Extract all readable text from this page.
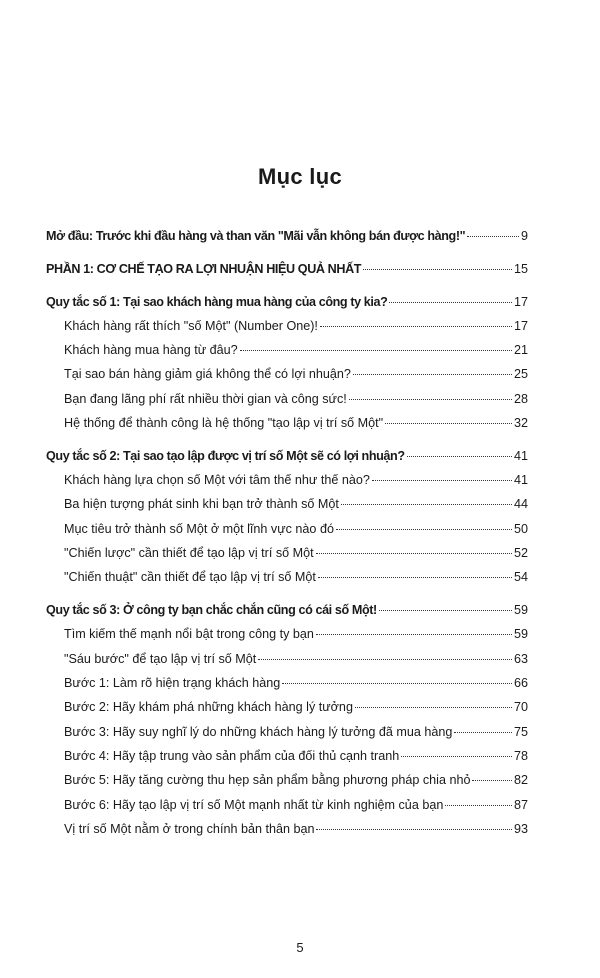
Mục lục
Mở đầu: Trước khi đầu hàng và than văn "Mãi vẫn không bán được hàng!"	9
PHẦN 1: CƠ CHẾ TẠO RA LỢI NHUẬN HIỆU QUẢ NHẤT	15
Quy tắc số 1: Tại sao khách hàng mua hàng của công ty kia?	17
Khách hàng rất thích "số Một" (Number One)!	17
Khách hàng mua hàng từ đâu?	21
Tại sao bán hàng giảm giá không thể có lợi nhuận?	25
Bạn đang lãng phí rất nhiều thời gian và công sức!	28
Hệ thống để thành công là hệ thống "tạo lập vị trí số Một"	32
Quy tắc số 2: Tại sao tạo lập được vị trí số Một sẽ có lợi nhuận?	41
Khách hàng lựa chọn số Một với tâm thế như thế nào?	41
Ba hiện tượng phát sinh khi bạn trở thành số Một	44
Mục tiêu trở thành số Một ở một lĩnh vực nào đó	50
"Chiến lược" cần thiết để tạo lập vị trí số Một	52
"Chiến thuật" cần thiết để tạo lập vị trí số Một	54
Quy tắc số 3: Ở công ty bạn chắc chắn cũng có cái số Một!	59
Tìm kiếm thế mạnh nổi bật trong công ty bạn	59
"Sáu bước" để tạo lập vị trí số Một	63
Bước 1: Làm rõ hiện trạng khách hàng	66
Bước 2: Hãy khám phá những khách hàng lý tưởng	70
Bước 3: Hãy suy nghĩ lý do những khách hàng lý tưởng đã mua hàng	75
Bước 4: Hãy tập trung vào sản phẩm của đối thủ cạnh tranh	78
Bước 5: Hãy tăng cường thu hẹp sản phẩm bằng phương pháp chia nhỏ	82
Bước 6: Hãy tạo lập vị trí số Một mạnh nhất từ kinh nghiệm của bạn	87
Vị trí số Một nằm ở trong chính bản thân bạn	93
5
